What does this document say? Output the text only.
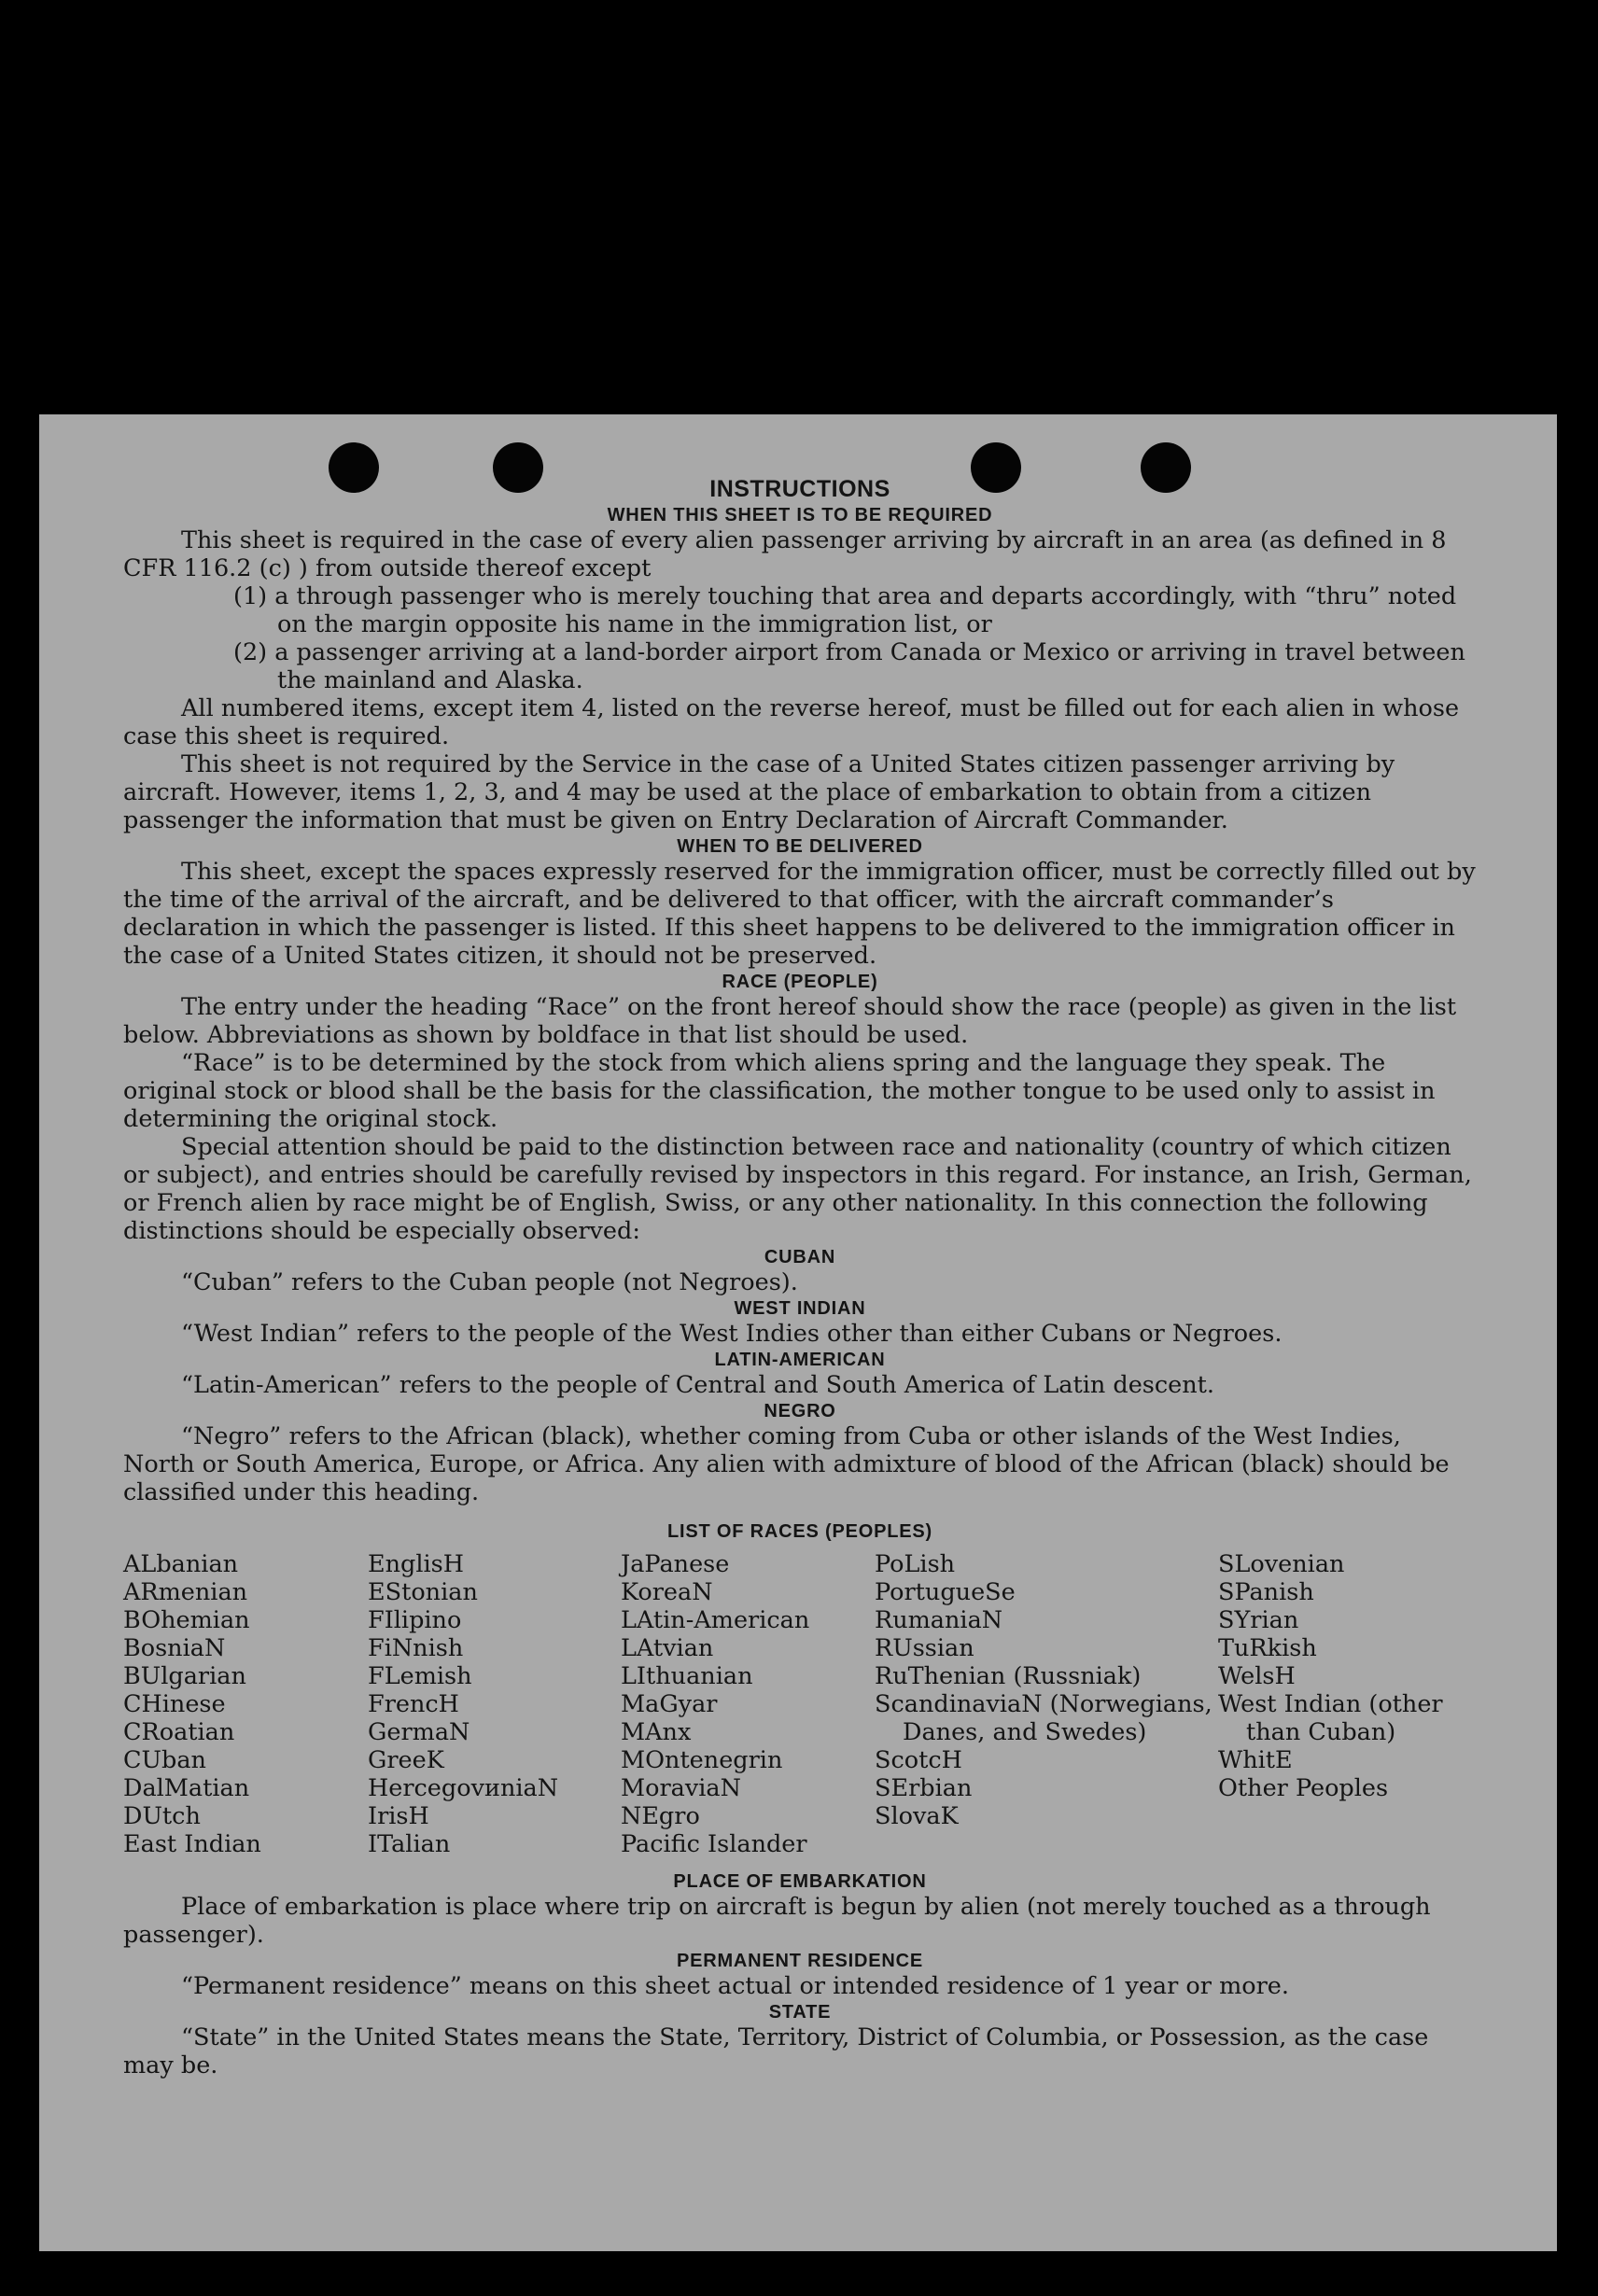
INSTRUCTIONS
WHEN THIS SHEET IS TO BE REQUIRED

This sheet is required in the case of every alien passenger arriving by aircraft in an area (as defined in 8 CFR 116.2 (c) ) from outside thereof except

(1) a through passenger who is merely touching that area and departs accordingly, with “thru” noted on the margin opposite his name in the immigration list, or

(2) a passenger arriving at a land-border airport from Canada or Mexico or arriving in travel between the mainland and Alaska.

All numbered items, except item 4, listed on the reverse hereof, must be filled out for each alien in whose case this sheet is required.

This sheet is not required by the Service in the case of a United States citizen passenger arriving by aircraft. However, items 1, 2, 3, and 4 may be used at the place of embarkation to obtain from a citizen passenger the information that must be given on Entry Declaration of Aircraft Commander.

WHEN TO BE DELIVERED

This sheet, except the spaces expressly reserved for the immigration officer, must be correctly filled out by the time of the arrival of the aircraft, and be delivered to that officer, with the aircraft commander’s declaration in which the passenger is listed. If this sheet happens to be delivered to the immigration officer in the case of a United States citizen, it should not be preserved.

RACE (PEOPLE)

The entry under the heading “Race” on the front hereof should show the race (people) as given in the list below. Abbreviations as shown by boldface in that list should be used.

“Race” is to be determined by the stock from which aliens spring and the language they speak. The original stock or blood shall be the basis for the classification, the mother tongue to be used only to assist in determining the original stock.

Special attention should be paid to the distinction between race and nationality (country of which citizen or subject), and entries should be carefully revised by inspectors in this regard. For instance, an Irish, German, or French alien by race might be of English, Swiss, or any other nationality. In this connection the following distinctions should be especially observed:

CUBAN

“Cuban” refers to the Cuban people (not Negroes).

WEST INDIAN

“West Indian” refers to the people of the West Indies other than either Cubans or Negroes.

LATIN-AMERICAN

“Latin-American” refers to the people of Central and South America of Latin descent.

NEGRO

“Negro” refers to the African (black), whether coming from Cuba or other islands of the West Indies, North or South America, Europe, or Africa. Any alien with admixture of blood of the African (black) should be classified under this heading.

LIST OF RACES (PEOPLES)
ALbanian
ARmenian
BOhemian
BosniaN
BUlgarian
CHinese
CRoatian
CUban
DalMatian
DUtch
East Indian
EnglisH
EStonian
FIlipino
FiNnish
FLemish
FrencH
GermaN
GreeK
HercegovиniaN
IrisH
ITalian
JaPanese
KoreaN
LAtin-American
LAtvian
LIthuanian
MaGyar
MAnx
MOntenegrin
MoraviaN
NEgro
Pacific Islander
PoLish
PortugueSe
RumaniaN
RUssian
RuThenian (Russniak)
ScandinaviaN (Norwegians, Danes, and Swedes)
ScotcH
SErbian
SlovaK
SLovenian
SPanish
SYrian
TuRkish
WelsH
West Indian (other than Cuban)
WhitE
Other Peoples
PLACE OF EMBARKATION

Place of embarkation is place where trip on aircraft is begun by alien (not merely touched as a through passenger).

PERMANENT RESIDENCE

“Permanent residence” means on this sheet actual or intended residence of 1 year or more.

STATE

“State” in the United States means the State, Territory, District of Columbia, or Possession, as the case may be.
